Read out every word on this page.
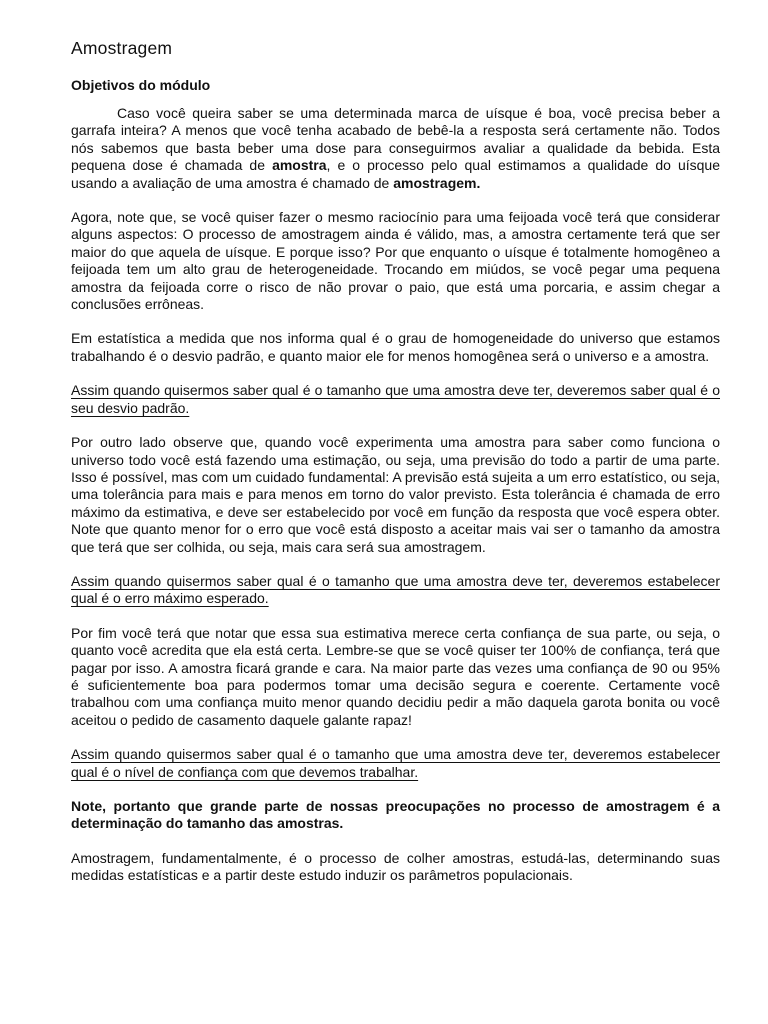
Amostragem
Objetivos do módulo

Caso você queira saber se uma determinada marca de uísque é boa, você precisa beber a garrafa inteira? A menos que você tenha acabado de bebê-la a resposta será certamente não. Todos nós sabemos que basta beber uma dose para conseguirmos avaliar a qualidade da bebida. Esta pequena dose é chamada de amostra, e o processo pelo qual estimamos a qualidade do uísque usando a avaliação de uma amostra é chamado de amostragem.

Agora, note que, se você quiser fazer o mesmo raciocínio para uma feijoada você terá que considerar alguns aspectos: O processo de amostragem ainda é válido, mas, a amostra certamente terá que ser maior do que aquela de uísque. E porque isso? Por que enquanto o uísque é totalmente homogêneo a feijoada tem um alto grau de heterogeneidade. Trocando em miúdos, se você pegar uma pequena amostra da feijoada corre o risco de não provar o paio, que está uma porcaria, e assim chegar a conclusões errôneas.

Em estatística a medida que nos informa qual é o grau de homogeneidade do universo que estamos trabalhando é o desvio padrão, e quanto maior ele for menos homogênea será o universo e a amostra.

Assim quando quisermos saber qual é o tamanho que uma amostra deve ter, deveremos saber qual é o seu desvio padrão.

Por outro lado observe que, quando você experimenta uma amostra para saber como funciona o universo todo você está fazendo uma estimação, ou seja, uma previsão do todo a partir de uma parte. Isso é possível, mas com um cuidado fundamental: A previsão está sujeita a um erro estatístico, ou seja, uma tolerância para mais e para menos em torno do valor previsto. Esta tolerância é chamada de erro máximo da estimativa, e deve ser estabelecido por você em função da resposta que você espera obter. Note que quanto menor for o erro que você está disposto a aceitar mais vai ser o tamanho da amostra que terá que ser colhida, ou seja, mais cara será sua amostragem.

Assim quando quisermos saber qual é o tamanho que uma amostra deve ter, deveremos estabelecer qual é o erro máximo esperado.

Por fim você terá que notar que essa sua estimativa merece certa confiança de sua parte, ou seja, o quanto você acredita que ela está certa. Lembre-se que se você quiser ter 100% de confiança, terá que pagar por isso. A amostra ficará grande e cara. Na maior parte das vezes uma confiança de 90 ou 95% é suficientemente boa para podermos tomar uma decisão segura e coerente. Certamente você trabalhou com uma confiança muito menor quando decidiu pedir a mão daquela garota bonita ou você aceitou o pedido de casamento daquele galante rapaz!

Assim quando quisermos saber qual é o tamanho que uma amostra deve ter, deveremos estabelecer qual é o nível de confiança com que devemos trabalhar.

Note, portanto que grande parte de nossas preocupações no processo de amostragem é a determinação do tamanho das amostras.

Amostragem, fundamentalmente, é o processo de colher amostras, estudá-las, determinando suas medidas estatísticas e a partir deste estudo induzir os parâmetros populacionais.
